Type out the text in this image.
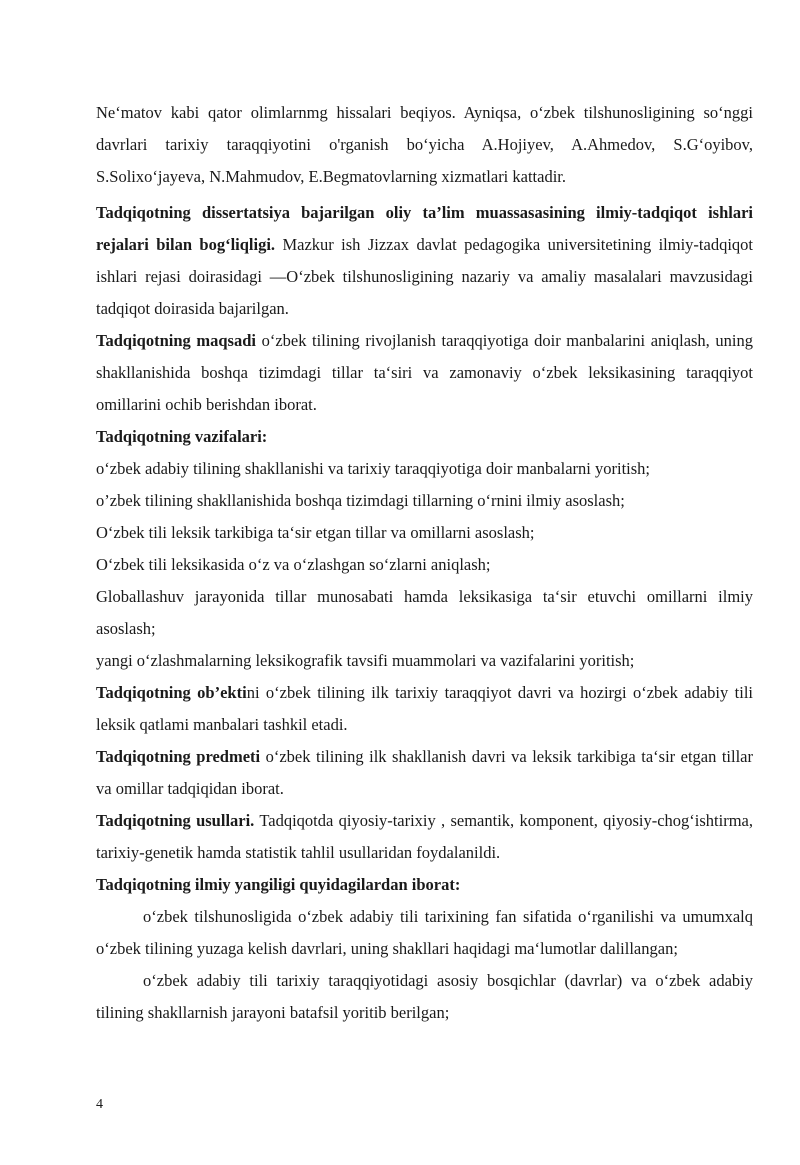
Ne‘matov kabi qator olimlarnmg hissalari beqiyos. Ayniqsa, o‘zbek tilshunosligining so‘nggi davrlari tarixiy taraqqiyotini o'rganish bo‘yicha A.Hojiyev, A.Ahmedov, S.G‘oyibov, S.Solixo‘jayeva, N.Mahmudov, E.Begmatovlarning xizmatlari kattadir.

Tadqiqotning dissertatsiya bajarilgan oliy ta’lim muassasasining ilmiy-tadqiqot ishlari rejalari bilan bog‘liqligi. Mazkur ish Jizzax davlat pedagogika universitetining ilmiy-tadqiqot ishlari rejasi doirasidagi ―O‘zbek tilshunosligining nazariy va amaliy masalalari mavzusidagi tadqiqot doirasida bajarilgan.

Tadqiqotning maqsadi o‘zbek tilining rivojlanish taraqqiyotiga doir manbalarini aniqlash, uning shakllanishida boshqa tizimdagi tillar ta‘siri va zamonaviy o‘zbek leksikasining taraqqiyot omillarini ochib berishdan iborat.

Tadqiqotning vazifalari:

o‘zbek adabiy tilining shakllanishi va tarixiy taraqqiyotiga doir manbalarni yoritish;

o’zbek tilining shakllanishida boshqa tizimdagi tillarning o‘rnini ilmiy asoslash;

O‘zbek tili leksik tarkibiga ta‘sir etgan tillar va omillarni asoslash;

O‘zbek tili leksikasida o‘z va o‘zlashgan so‘zlarni aniqlash;

Globallashuv jarayonida tillar munosabati hamda leksikasiga ta‘sir etuvchi omillarni ilmiy asoslash;

yangi o‘zlashmalarning leksikografik tavsifi muammolari va vazifalarini yoritish;

Tadqiqotning ob’ektini o‘zbek tilining ilk tarixiy taraqqiyot davri va hozirgi o‘zbek adabiy tili leksik qatlami manbalari tashkil etadi.

Tadqiqotning predmeti o‘zbek tilining ilk shakllanish davri va leksik tarkibiga ta‘sir etgan tillar va omillar tadqiqidan iborat.

Tadqiqotning usullari. Tadqiqotda qiyosiy-tarixiy , semantik, komponent, qiyosiy-chog‘ishtirma, tarixiy-genetik hamda statistik tahlil usullaridan foydalanildi.

Tadqiqotning ilmiy yangiligi quyidagilardan iborat:

o‘zbek tilshunosligida o‘zbek adabiy tili tarixining fan sifatida o‘rganilishi va umumxalq o‘zbek tilining yuzaga kelish davrlari, uning shakllari haqidagi ma‘lumotlar dalillangan;

o‘zbek adabiy tili tarixiy taraqqiyotidagi asosiy bosqichlar (davrlar) va o‘zbek adabiy tilining shakllarnish jarayoni batafsil yoritib berilgan;

4
